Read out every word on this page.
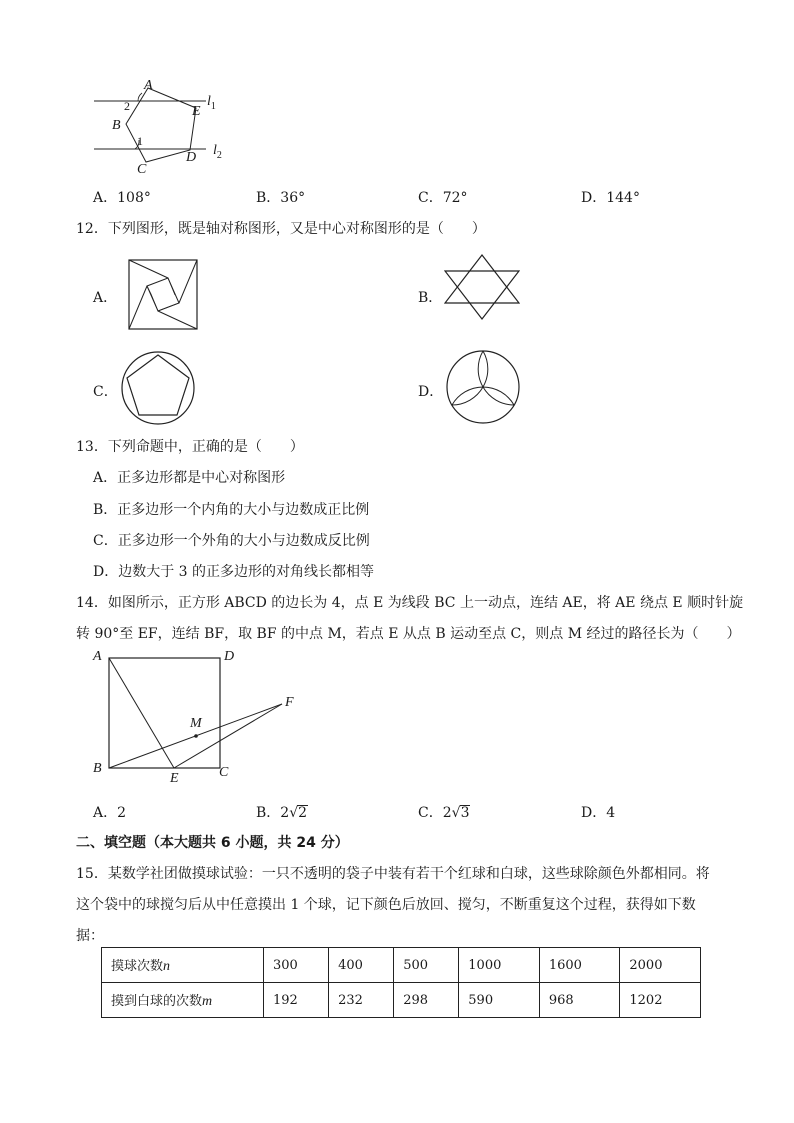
A
2
B
1
E
$l_1$
$l_2$
D
C
A．108°	B．36°	C．72°	D．144°
12．下列图形，既是轴对称图形，又是中心对称图形的是（　　）
A．	B．
C．	D．
13．下列命题中，正确的是（　　）
A．正多边形都是中心对称图形
B．正多边形一个内角的大小与边数成正比例
C．正多边形一个外角的大小与边数成反比例
D．边数大于 3 的正多边形的对角线长都相等
14．如图所示，正方形 ABCD 的边长为 4，点 E 为线段 BC 上一动点，连结 AE，将 AE 绕点 E 顺时针旋
转 90°至 EF，连结 BF，取 BF 的中点 M，若点 E 从点 B 运动至点 C，则点 M 经过的路径长为（　　）
A	D
F
M
B
E	C
A．2	B．2√2	C．2√3	D．4
二、填空题（本大题共 6 小题，共 24 分）
15．某数学社团做摸球试验：一只不透明的袋子中装有若干个红球和白球，这些球除颜色外都相同。将
这个袋中的球搅匀后从中任意摸出 1 个球，记下颜色后放回、搅匀，不断重复这个过程，获得如下数
据：
摸球次数n	300	400	500	1000	1600	2000
摸到白球的次数m	192	232	298	590	968	1202
